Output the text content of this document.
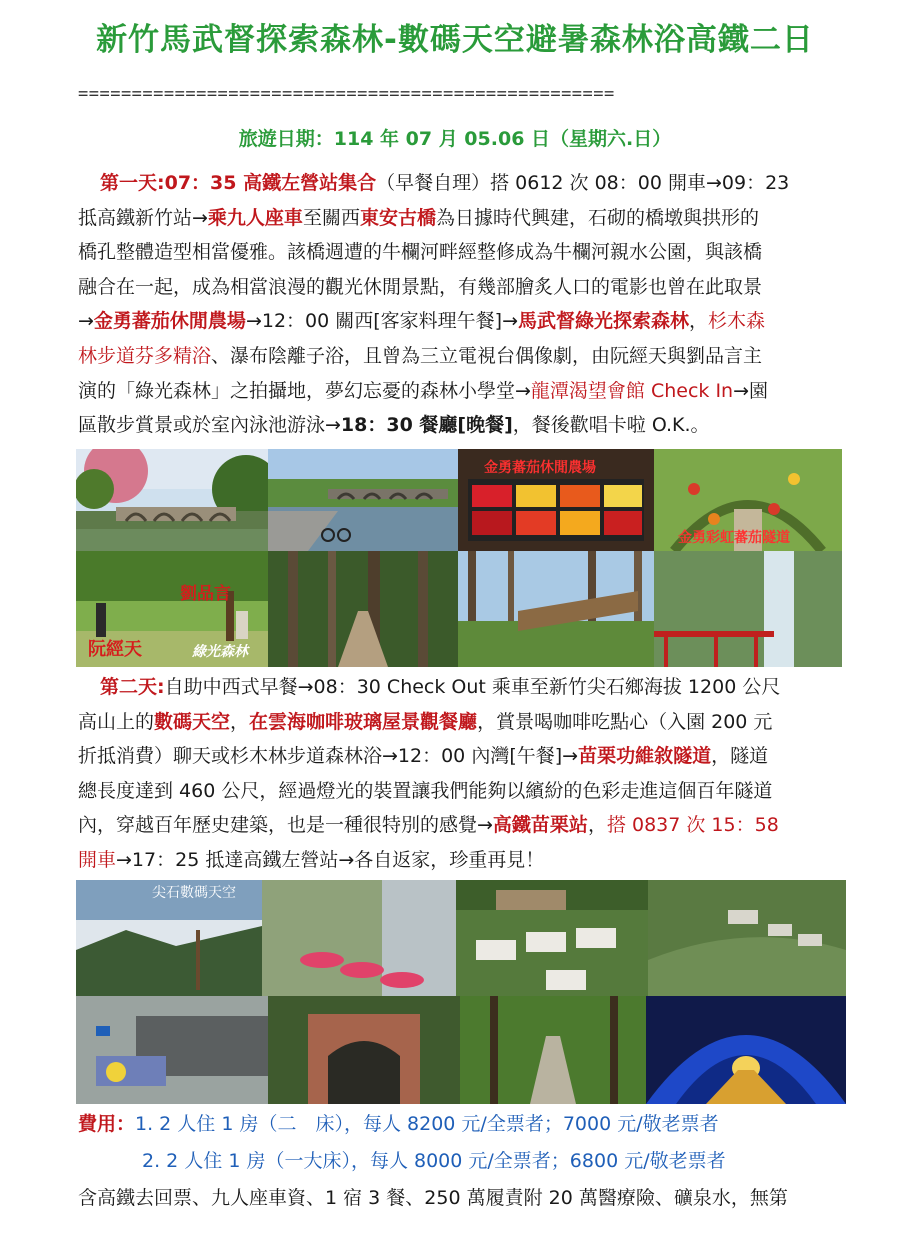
新竹馬武督探索森林-數碼天空避暑森林浴高鐵二日
==================================================
旅遊日期：114 年 07 月 05.06 日（星期六.日）
第一天:07：35 高鐵左營站集合（早餐自理）搭 0612 次 08：00 開車→09：23
抵高鐵新竹站→乘九人座車至關西東安古橋為日據時代興建，石砌的橋墩與拱形的
橋孔整體造型相當優雅。該橋週遭的牛欄河畔經整修成為牛欄河親水公園，與該橋
融合在一起，成為相當浪漫的觀光休閒景點，有幾部膾炙人口的電影也曾在此取景
→金勇蕃茄休閒農場→12：00 關西[客家料理午餐]→馬武督綠光探索森林，杉木森
林步道芬多精浴、瀑布陰離子浴，且曾為三立電視台偶像劇，由阮經天與劉品言主
演的「綠光森林」之拍攝地，夢幻忘憂的森林小學堂→龍潭渴望會館 Check In→園
區散步賞景或於室內泳池游泳→18：30 餐廳[晚餐]，餐後歡唱卡啦 O.K.。
金勇蕃茄休閒農場
金勇彩虹蕃茄隧道
劉品言
阮經天	綠光森林
第二天:自助中西式早餐→08：30 Check Out 乘車至新竹尖石鄉海拔 1200 公尺
高山上的數碼天空，在雲海咖啡玻璃屋景觀餐廳，賞景喝咖啡吃點心（入園 200 元
折抵消費）聊天或杉木林步道森林浴→12：00 內灣[午餐]→苗栗功維敘隧道，隧道
總長度達到 460 公尺，經過燈光的裝置讓我們能夠以繽紛的色彩走進這個百年隧道
內，穿越百年歷史建築，也是一種很特別的感覺→高鐵苗栗站，搭 0837 次 15：58
開車→17：25 抵達高鐵左營站→各自返家，珍重再見！
尖石數碼天空
費用：1. 2 人住 1 房（二　床），每人 8200 元/全票者；7000 元/敬老票者
2. 2 人住 1 房（一大床），每人 8000 元/全票者；6800 元/敬老票者
含高鐵去回票、九人座車資、1 宿 3 餐、250 萬履責附 20 萬醫療險、礦泉水，無第
